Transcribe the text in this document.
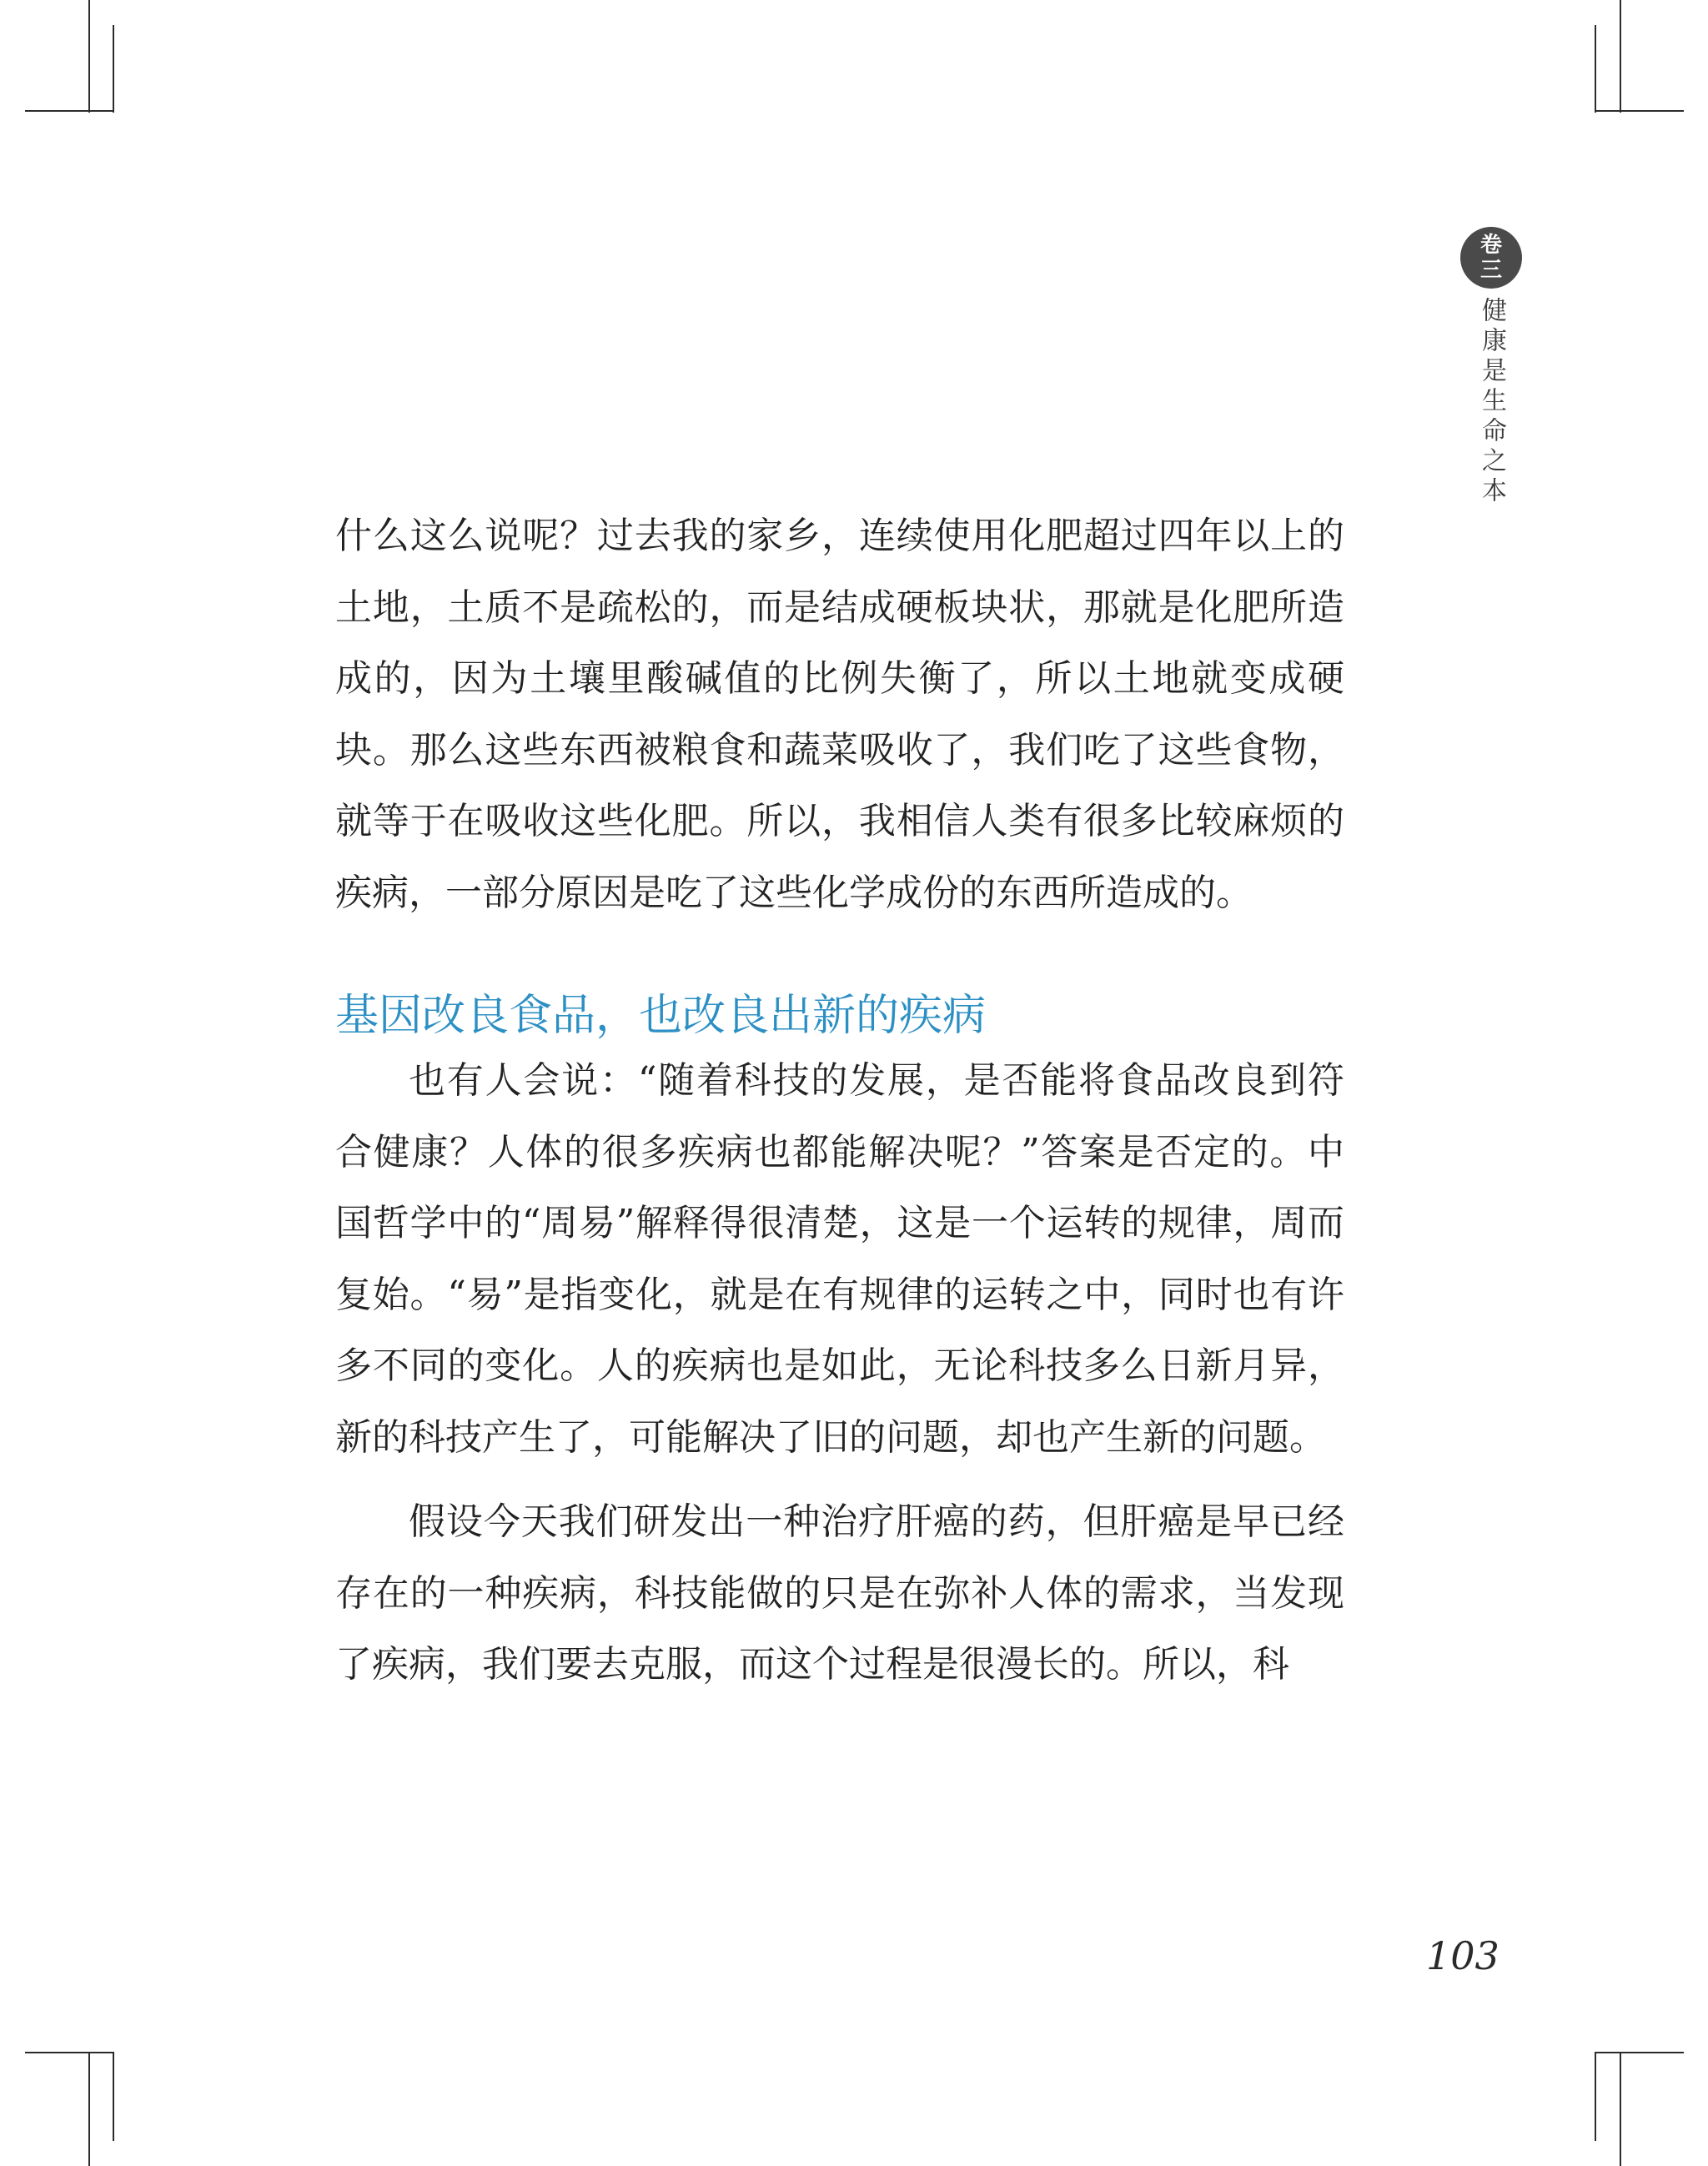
卷
三
健康是生命之本

什么这么说呢？过去我的家乡，连续使用化肥超过四年以上的土地，土质不是疏松的，而是结成硬板块状，那就是化肥所造成的，因为土壤里酸碱值的比例失衡了，所以土地就变成硬块。那么这些东西被粮食和蔬菜吸收了，我们吃了这些食物，就等于在吸收这些化肥。所以，我相信人类有很多比较麻烦的疾病，一部分原因是吃了这些化学成份的东西所造成的。

基因改良食品，也改良出新的疾病

也有人会说：“随着科技的发展，是否能将食品改良到符合健康？人体的很多疾病也都能解决呢？”答案是否定的。中国哲学中的“周易”解释得很清楚，这是一个运转的规律，周而复始。“易”是指变化，就是在有规律的运转之中，同时也有许多不同的变化。人的疾病也是如此，无论科技多么日新月异，新的科技产生了，可能解决了旧的问题，却也产生新的问题。

假设今天我们研发出一种治疗肝癌的药，但肝癌是早已经存在的一种疾病，科技能做的只是在弥补人体的需求，当发现了疾病，我们要去克服，而这个过程是很漫长的。所以，科

103
